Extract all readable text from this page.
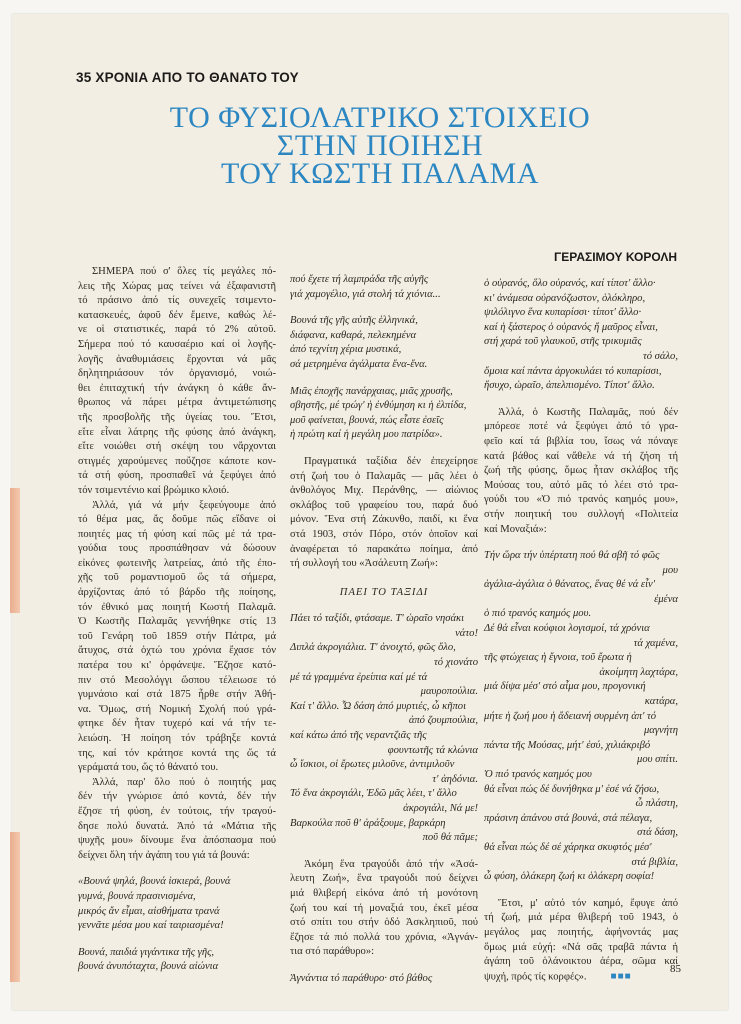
35 ΧΡΟΝΙΑ ΑΠΟ ΤΟ ΘΑΝΑΤΟ ΤΟΥ
ΤΟ ΦΥΣΙΟΛΑΤΡΙΚΟ ΣΤΟΙΧΕΙΟ
ΣΤΗΝ ΠΟΙΗΣΗ
ΤΟΥ ΚΩΣΤΗ ΠΑΛΑΜΑ
ΓΕΡΑΣΙΜΟΥ ΚΟΡΟΛΗ
ΣΗΜΕΡΑ πού σ' ὅλες τίς μεγάλες πό-
λεις τῆς Χώρας μας τείνει νά ἐξαφανιστῆ
τό πράσινο ἀπό τίς συνεχεῖς τσιμεντο-
κατασκευές, ἀφοῦ δέν ἔμεινε, καθώς λέ-
νε οἱ στατιστικές, παρά τό 2% αὐτοῦ.
Σήμερα πού τό καυσαέριο καί οἱ λογῆς-
λογῆς ἀναθυμιάσεις ἔρχονται νά μᾶς
δηλητηριάσουν τόν ὀργανισμό, νοιώ-
θει ἐπιταχτική τήν ἀνάγκη ὁ κάθε ἄν-
θρωπος νά πάρει μέτρα ἀντιμετώπισης
τῆς προσβολῆς τῆς ὑγείας του. Ἔτσι,
εἴτε εἶναι λάτρης τῆς φύσης ἀπό ἀνάγκη,
εἴτε νοιώθει στή σκέψη του νἄρχονται
στιγμές χαρούμενες ποὔζησε κάποτε κον-
τά στή φύση, προσπαθεῖ νά ξεφύγει ἀπό
τόν τσιμεντένιο καί βρώμικο κλοιό.
Ἀλλά, γιά νά μήν ξεφεύγουμε ἀπό
τό θέμα μας, ἄς δοῦμε πῶς εἴδανε οἱ
ποιητές μας τή φύση καί πῶς μέ τά τρα-
γούδια τους προσπάθησαν νά δώσουν
εἰκόνες φωτεινῆς λατρείας, ἀπό τῆς ἐπο-
χῆς τοῦ ρομαντισμοῦ ὥς τά σήμερα,
ἀρχίζοντας ἀπό τό βάρδο τῆς ποίησης,
τόν ἐθνικό μας ποιητή Κωστή Παλαμᾶ.
Ὁ Κωστῆς Παλαμᾶς γεννήθηκε στίς 13
τοῦ Γενάρη τοῦ 1859 στήν Πάτρα, μά
ἄτυχος, στά ὀχτώ του χρόνια ἔχασε τόν
πατέρα του κι' ὀρφάνεψε. Ἔζησε κατό-
πιν στό Μεσολόγγι ὥσπου τέλειωσε τό
γυμνάσιο καί στά 1875 ἦρθε στήν Ἀθή-
να. Ὅμως, στή Νομική Σχολή πού γρά-
φτηκε δέν ἦταν τυχερό καί νά τήν τε-
λειώση. Ἡ ποίηση τόν τράβηξε κοντά
της, καί τόν κράτησε κοντά της ὥς τά
γεράματά του, ὥς τό θάνατό του.
Ἀλλά, παρ' ὅλο πού ὁ ποιητής μας
δέν τήν γνώρισε ἀπό κοντά, δέν τήν
ἔζησε τή φύση, ἐν τούτοις, τήν τραγού-
δησε πολύ δυνατά. Ἀπό τά «Μάτια τῆς
ψυχῆς μου» δίνουμε ἕνα ἀπόσπασμα πού
δείχνει ὅλη τήν ἀγάπη του γιά τά βουνά:
«Βουνά ψηλά, βουνά ἰσκιερά, βουνά
γυμνά, βουνά πρασινισμένα,
μικρός ἄν εἶμαι, αἰσθήματα τρανά
γεννᾶτε μέσα μου καί ταιριασμένα!
Βουνά, παιδιά γιγάντικα τῆς γῆς,
βουνά ἀνυπόταχτα, βουνά αἰώνια
πού ἔχετε τή λαμπράδα τῆς αὐγῆς
γιά χαμογέλιο, γιά στολή τά χιόνια...
Βουνά τῆς γῆς αὐτῆς ἑλληνικά,
διάφανα, καθαρά, πελεκημένα
ἀπό τεχνίτη χέρια μυστικά,
σά μετρημένα ἀγάλματα ἕνα-ἕνα.
Μιᾶς ἐποχῆς πανάρχαιας, μιᾶς χρυσῆς,
σβηστῆς, μέ τρώγ' ἡ ἐνθύμηση κι ἡ ἐλπίδα,
μοῦ φαίνεται, βουνά, πώς εἶστε ἐσεῖς
ἡ πρώτη καί ἡ μεγάλη μου πατρίδα».
Πραγματικά ταξίδια δέν ἐπεχείρησε
στή ζωή του ὁ Παλαμᾶς — μᾶς λέει ὁ
ἀνθολόγος Μιχ. Περάνθης, — αἰώνιος
σκλάβος τοῦ γραφείου του, παρά δυό
μόνον. Ἕνα στή Ζάκυνθο, παιδί, κι ἕνα
στά 1903, στόν Πόρο, στόν ὁποῖον καί
ἀναφέρεται τό παρακάτω ποίημα, ἀπό
τή συλλογή του «Ἀσάλευτη Ζωή»:
ΠΑΕΙ ΤΟ ΤΑΞΙΔΙ
Πάει τό ταξίδι, φτάσαμε. Τ' ὡραῖο νησάκι
νάτο!
Διπλά ἀκρογιάλια. Τ' ἀνοιχτό, φῶς ὅλο,
τό χιονάτο
μέ τά γραμμένα ἐρείπια καί μέ τά
μαυροπούλια.
Καί τ' ἄλλο. Ὦ δάση ἀπό μυρτιές, ὦ κῆποι
ἀπό ζουμπούλια,
καί κάτω ἀπό τῆς νεραντζιᾶς τῆς
φουντωτῆς τά κλώνια
ὦ ἴσκιοι, οἱ ἔρωτες μιλοῦνε, ἀντιμιλοῦν
τ' ἀηδόνια.
Τό ἕνα ἀκρογιάλι, Ἐδῶ μᾶς λέει, τ' ἄλλο
ἀκρογιάλι, Νά με!
Βαρκούλα ποῦ θ' ἀράξουμε, βαρκάρη
ποῦ θά πᾶμε;
Ἀκόμη ἕνα τραγούδι ἀπό τήν «Ἀσά-
λευτη Ζωή», ἕνα τραγούδι πού δείχνει
μιά θλιβερή εἰκόνα ἀπό τή μονότονη
ζωή του καί τή μοναξιά του, ἐκεῖ μέσα
στό σπίτι του στήν ὁδό Ἀσκληπιοῦ, πού
ἔζησε τά πιό πολλά του χρόνια, «Ἀγνάν-
τια στό παράθυρο»:
Ἀγνάντια τό παράθυρο· στό βάθος
ὁ οὐρανός, ὅλο οὐρανός, καί τίποτ' ἄλλο·
κι' ἀνάμεσα οὐρανόζωστον, ὁλόκληρο,
ψιλόλιγνο ἕνα κυπαρίσσι· τίποτ' ἄλλο·
καί ἡ ξάστερος ὁ οὐρανός ἤ μαῦρος εἶναι,
στή χαρά τοῦ γλαυκοῦ, στῆς τρικυμιᾶς
τό σάλο,
ὅμοια καί πάντα ἀργοκυλάει τό κυπαρίσσι,
ἥσυχο, ὡραῖο, ἀπελπισμένο. Τίποτ' ἄλλο.
Ἀλλά, ὁ Κωστῆς Παλαμᾶς, πού δέν
μπόρεσε ποτέ νά ξεφύγει ἀπό τό γρα-
φεῖο καί τά βιβλία του, ἴσως νά πόναγε
κατά βάθος καί νἄθελε νά τή ζήση τή
ζωή τῆς φύσης, ὅμως ἦταν σκλάβος τῆς
Μούσας του, αὐτό μᾶς τό λέει στό τρα-
γούδι του «Ὁ πιό τρανός καημός μου»,
στήν ποιητική του συλλογή «Πολιτεία
καί Μοναξιά»:
Τήν ὥρα τήν ὑπέρτατη πού θά σβῆ τό φῶς
μου
ἀγάλια-ἀγάλια ὁ θάνατος, ἕνας θέ νά εἶν'
ἐμένα
ὁ πιό τρανός καημός μου.
Δέ θά εἶναι κούφιοι λογισμοί, τά χρόνια
τά χαμένα,
τῆς φτώχειας ἡ ἔγνοια, τοῦ ἔρωτα ἡ
ἀκοίμητη λαχτάρα,
μιά δίψα μέσ' στό αἷμα μου, προγονική
κατάρα,
μήτε ἡ ζωή μου ἡ ἄδειανή συρμένη ἀπ' τό
μαγνήτη
πάντα τῆς Μούσας, μήτ' ἐσύ, χιλιάκριβό
μου σπίτι.
Ὁ πιό τρανός καημός μου
θά εἶναι πώς δέ δυνήθηκα μ' ἐσέ νά ζήσω,
ὦ πλάστη,
πράσινη ἀπάνου στά βουνά, στά πέλαγα,
στά δάση,
θά εἶναι πώς δέ σέ χάρηκα σκυφτός μέσ'
στά βιβλία,
ὦ φύση, ὁλάκερη ζωή κι ὁλάκερη σοφία!
Ἔτσι, μ' αὐτό τόν καημό, ἔφυγε ἀπό
τή ζωή, μιά μέρα θλιβερή τοῦ 1943, ὁ
μεγάλος μας ποιητής, ἀφήνοντάς μας
ὅμως μιά εὐχή: «Νά σᾶς τραβᾶ πάντα ἡ
ἀγάπη τοῦ ὁλάνοικτου ἀέρα, σῶμα καί
ψυχή, πρός τίς κορφές». ■■■
85
